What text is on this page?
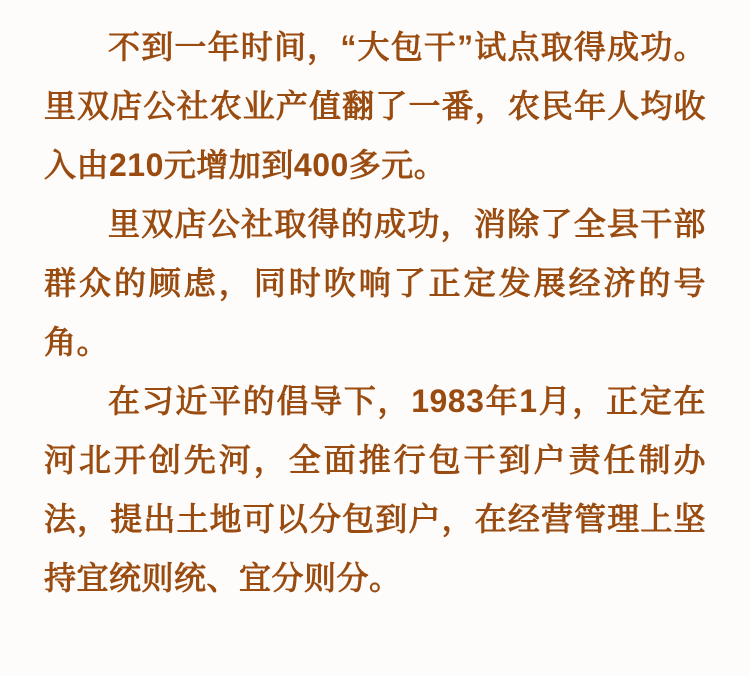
不到一年时间，“大包干”试点取得成功。里双店公社农业产值翻了一番，农民年人均收入由210元增加到400多元。

里双店公社取得的成功，消除了全县干部群众的顾虑，同时吹响了正定发展经济的号角。

在习近平的倡导下，1983年1月，正定在河北开创先河，全面推行包干到户责任制办法，提出土地可以分包到户，在经营管理上坚持宜统则统、宜分则分。
